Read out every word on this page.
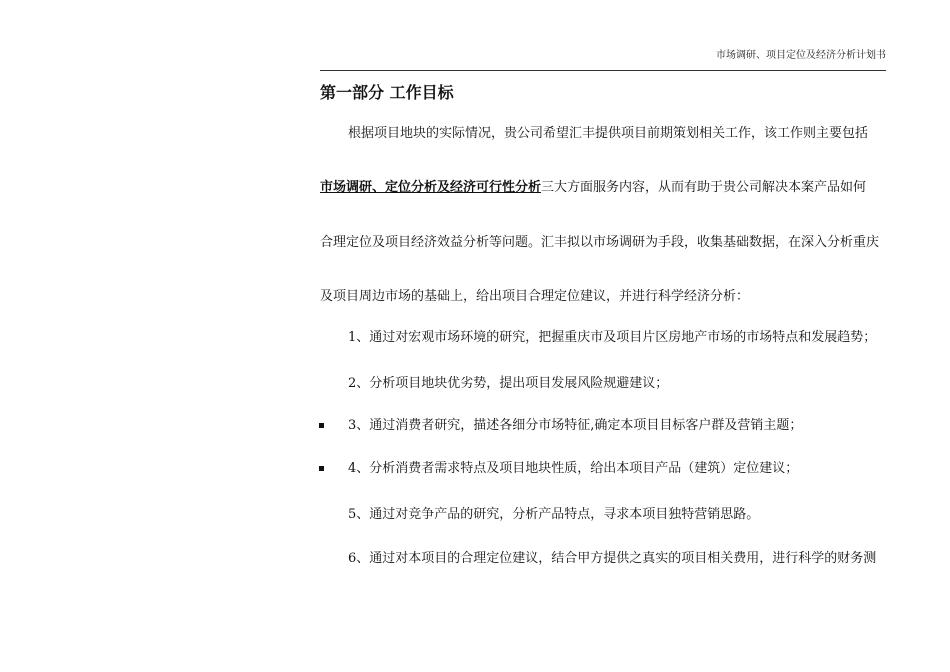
市场调研、项目定位及经济分析计划书
第一部分 工作目标

根据项目地块的实际情况，贵公司希望汇丰提供项目前期策划相关工作，该工作则主要包括

市场调研、定位分析及经济可行性分析三大方面服务内容，从而有助于贵公司解决本案产品如何

合理定位及项目经济效益分析等问题。汇丰拟以市场调研为手段，收集基础数据，在深入分析重庆

及项目周边市场的基础上，给出项目合理定位建议，并进行科学经济分析：

1、通过对宏观市场环境的研究，把握重庆市及项目片区房地产市场的市场特点和发展趋势；

2、分析项目地块优劣势，提出项目发展风险规避建议；

3、通过消费者研究，描述各细分市场特征,确定本项目目标客户群及营销主题；

4、分析消费者需求特点及项目地块性质，给出本项目产品（建筑）定位建议；

5、通过对竞争产品的研究，分析产品特点，寻求本项目独特营销思路。

6、通过对本项目的合理定位建议，结合甲方提供之真实的项目相关费用，进行科学的财务测
